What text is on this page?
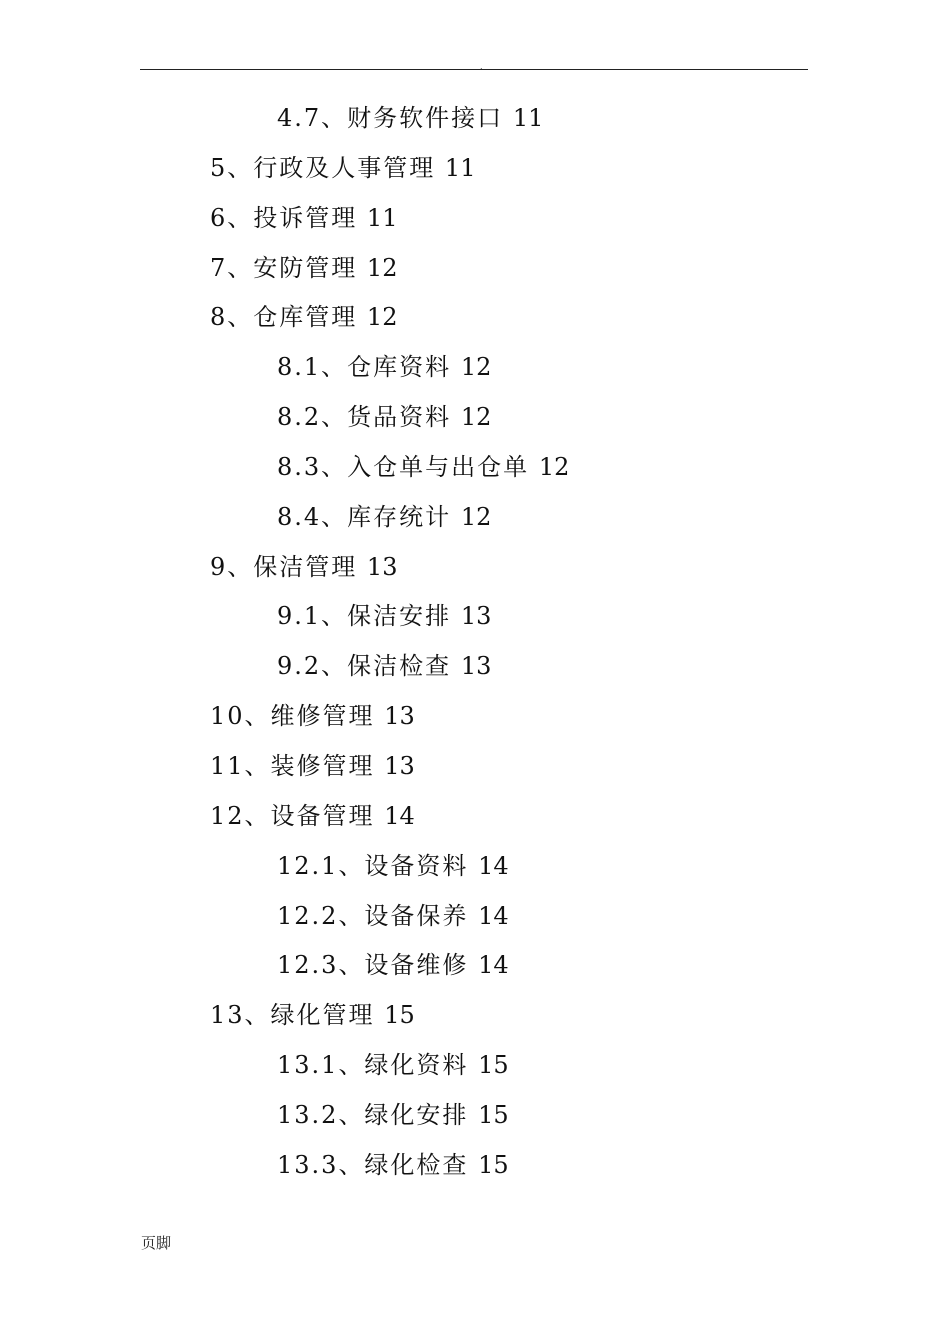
.
4.7、财务软件接口 11
5、行政及人事管理 11
6、投诉管理 11
7、安防管理 12
8、仓库管理 12
8.1、仓库资料 12
8.2、货品资料 12
8.3、入仓单与出仓单 12
8.4、库存统计 12
9、保洁管理 13
9.1、保洁安排 13
9.2、保洁检查 13
10、维修管理 13
11、装修管理 13
12、设备管理 14
12.1、设备资料 14
12.2、设备保养 14
12.3、设备维修 14
13、绿化管理 15
13.1、绿化资料 15
13.2、绿化安排 15
13.3、绿化检查 15
页脚
